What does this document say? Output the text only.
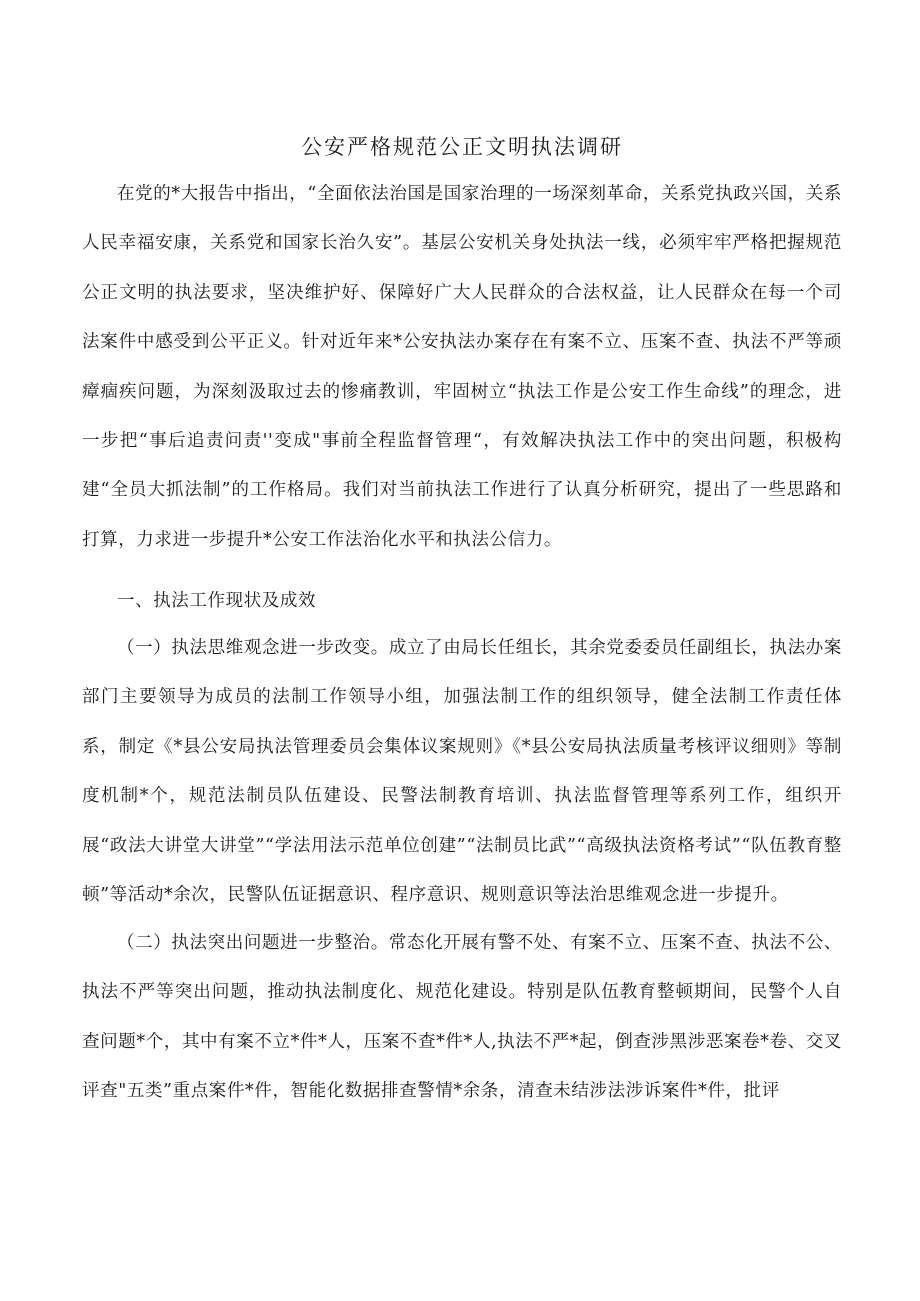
公安严格规范公正文明执法调研

在党的*大报告中指出，“全面依法治国是国家治理的一场深刻革命，关系党执政兴国，关系人民幸福安康，关系党和国家长治久安”。基层公安机关身处执法一线，必须牢牢严格把握规范公正文明的执法要求，坚决维护好、保障好广大人民群众的合法权益，让人民群众在每一个司法案件中感受到公平正义。针对近年来*公安执法办案存在有案不立、压案不查、执法不严等顽瘴痼疾问题，为深刻汲取过去的惨痛教训，牢固树立“执法工作是公安工作生命线”的理念，进一步把“事后追责问责''变成"事前全程监督管理“，有效解决执法工作中的突出问题，积极构建“全员大抓法制”的工作格局。我们对当前执法工作进行了认真分析研究，提出了一些思路和打算，力求进一步提升*公安工作法治化水平和执法公信力。

一、执法工作现状及成效

（一）执法思维观念进一步改变。成立了由局长任组长，其余党委委员任副组长，执法办案部门主要领导为成员的法制工作领导小组，加强法制工作的组织领导，健全法制工作责任体系，制定《*县公安局执法管理委员会集体议案规则》《*县公安局执法质量考核评议细则》等制度机制*个，规范法制员队伍建设、民警法制教育培训、执法监督管理等系列工作，组织开展“政法大讲堂大讲堂”“学法用法示范单位创建”“法制员比武”“高级执法资格考试”“队伍教育整顿”等活动*余次，民警队伍证据意识、程序意识、规则意识等法治思维观念进一步提升。

（二）执法突出问题进一步整治。常态化开展有警不处、有案不立、压案不查、执法不公、执法不严等突出问题，推动执法制度化、规范化建设。特别是队伍教育整顿期间，民警个人自查问题*个，其中有案不立*件*人，压案不查*件*人,执法不严*起，倒查涉黑涉恶案卷*卷、交叉评查"五类”重点案件*件，智能化数据排查警情*余条，清查未结涉法涉诉案件*件，批评
